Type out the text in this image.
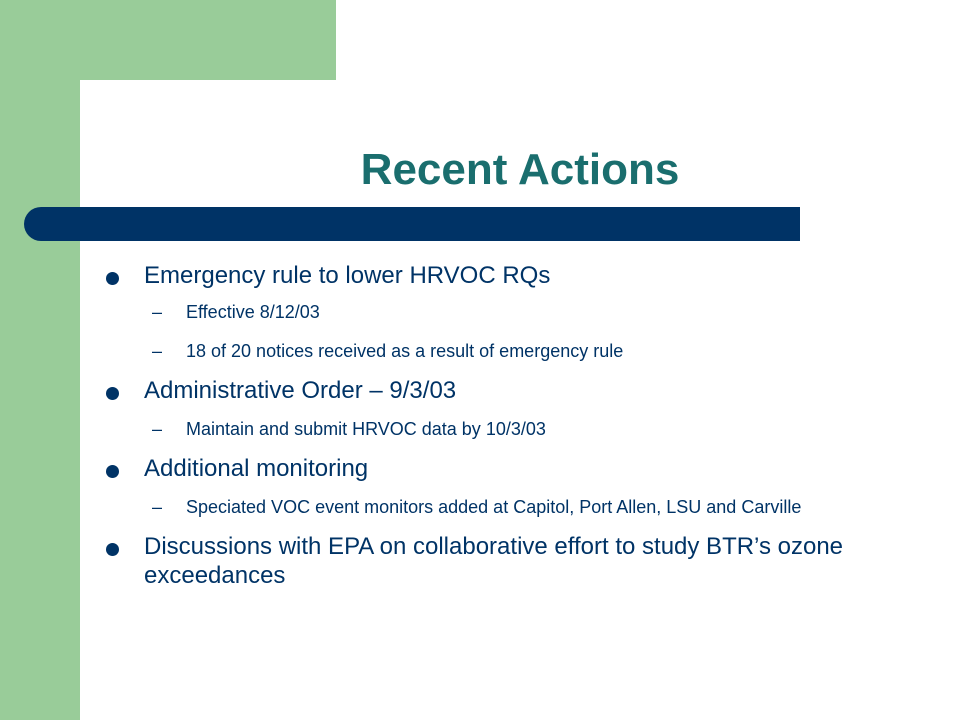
Recent Actions
Emergency rule to lower HRVOC RQs
– Effective 8/12/03
– 18 of 20 notices received as a result of emergency rule
Administrative Order – 9/3/03
– Maintain and submit HRVOC data by 10/3/03
Additional monitoring
– Speciated VOC event monitors added at Capitol, Port Allen, LSU and Carville
Discussions with EPA on collaborative effort to study BTR’s ozone exceedances
